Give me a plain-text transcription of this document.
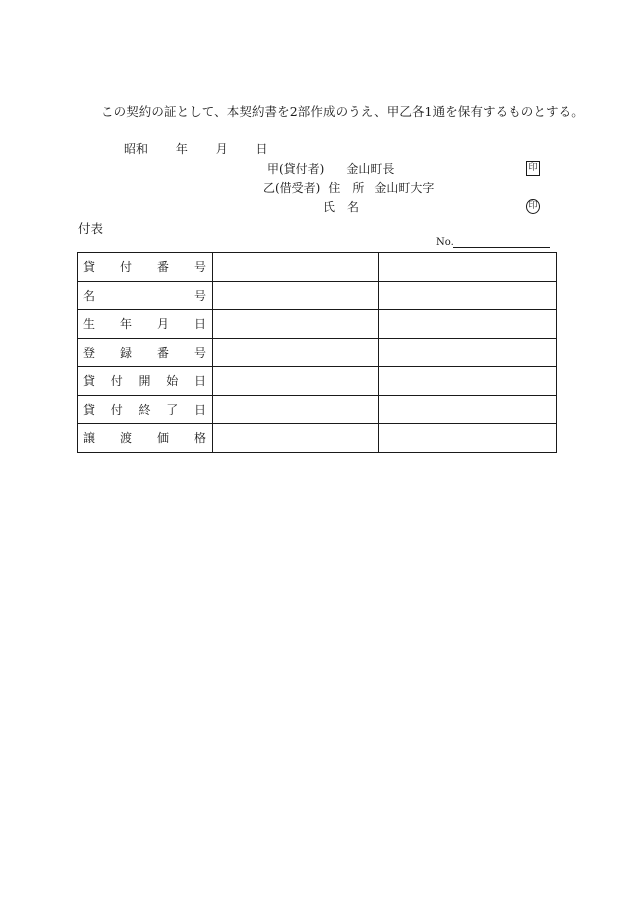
この契約の証として、本契約書を2部作成のうえ、甲乙各1通を保有するものとする。
昭和 年 月 日
甲(貸付者) 金山町長	印
乙(借受者) 住　所 金山町大字
氏　名	印
付表
No.
貸 付 番 号		

名 号		

生 年 月 日		

登 録 番 号		

貸 付 開 始 日		

貸 付 終 了 日		

譲 渡 価 格		
